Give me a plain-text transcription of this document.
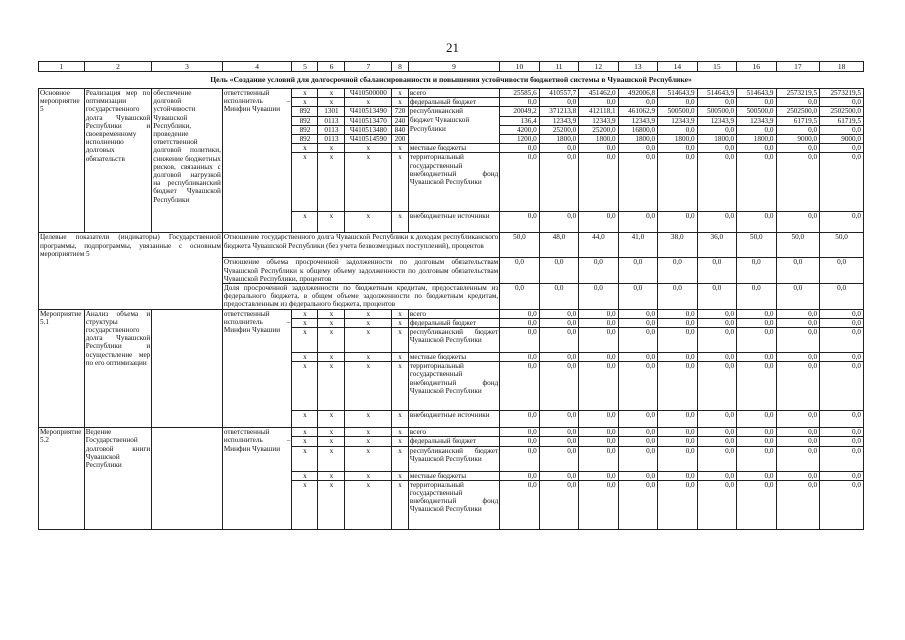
21
1	2	3	4	5	6	7	8	9	10	11	12	13	14	15	16	17	18
Цель «Создание условий для долгосрочной сбалансированности и повышения устойчивости бюджетной системы в Чувашской Республике»																	
Основное мероприятие 5	Реализация мер по оптимизации государственного долга Чувашской Республики и своевременному исполнению долговых обязательств	обеспечение долговой устойчивости Чувашской Республики, проведение ответственной долговой политики, снижение бюджетных рисков, связанных с долговой нагрузкой на республиканский бюджет Чувашской Республики	ответственный исполнитель – Минфин Чувашии	x	x	Ч410500000	x	всего	25585,6	410557,7	451462,0	492006,8	514643,9	514643,9	514643,9	2573219,5	2573219,5
				x	x	x	x	федеральный бюджет	0,0	0,0	0,0	0,0	0,0	0,0	0,0	0,0	0,0
				892	1301	Ч410513490	720	республиканский	20049,2	371213,8	412118,1	461062,9	500500,0	500500,0	500500,0	2502500,0	2502500,0
				892	0113	Ч410513470	240	бюджет Чувашской	136,4	12343,9	12343,9	12343,9	12343,9	12343,9	12343,9	61719,5	61719,5
				892	0113	Ч410513480	840	Республики	4200,0	25200,0	25200,0	16800,0	0,0	0,0	0,0	0,0	0,0
				892	0113	Ч410514590	200		1200,0	1800,0	1800,0	1800,0	1800,0	1800,0	1800,0	9000,0	9000,0
				x	x	x	x	местные бюджеты	0,0	0,0	0,0	0,0	0,0	0,0	0,0	0,0	0,0
				x	x	x	x	территориальный государственный внебюджетный фонд Чувашской Республики	0,0	0,0	0,0	0,0	0,0	0,0	0,0	0,0	0,0
				x	x	x	x	внебюджетные источники	0,0	0,0	0,0	0,0	0,0	0,0	0,0	0,0	0,0
Целевые показатели (индикаторы) Государственной программы, подпрограммы, увязанные с основным мероприятием 5			Отношение государственного долга Чувашской Республики к доходам республиканского бюджета Чувашской Республики (без учета безвозмездных поступлений), процентов						50,0	48,0	44,0	41,0	38,0	36,0	50,0	50,0	50,0
			Отношение объема просроченной задолженности по долговым обязательствам Чувашской Республики к общему объему задолженности по долговым обязательствам Чувашской Республики, процентов						0,0	0,0	0,0	0,0	0,0	0,0	0,0	0,0	0,0
			Доля просроченной задолженности по бюджетным кредитам, предоставленным из федерального бюджета, в общем объеме задолженности по бюджетным кредитам, предоставленным из федерального бюджета, процентов						0,0	0,0	0,0	0,0	0,0	0,0	0,0	0,0	0,0
Мероприятие 5.1	Анализ объема и структуры государственного долга Чувашской Республики и осуществление мер по его оптимизации		ответственный исполнитель – Минфин Чувашии	x	x	x	x	всего	0,0	0,0	0,0	0,0	0,0	0,0	0,0	0,0	0,0
				x	x	x	x	федеральный бюджет	0,0	0,0	0,0	0,0	0,0	0,0	0,0	0,0	0,0
				x	x	x	x	республиканский бюджет Чувашской Республики	0,0	0,0	0,0	0,0	0,0	0,0	0,0	0,0	0,0
				x	x	x	x	местные бюджеты	0,0	0,0	0,0	0,0	0,0	0,0	0,0	0,0	0,0
				x	x	x	x	территориальный государственный внебюджетный фонд Чувашской Республики	0,0	0,0	0,0	0,0	0,0	0,0	0,0	0,0	0,0
				x	x	x	x	внебюджетные источники	0,0	0,0	0,0	0,0	0,0	0,0	0,0	0,0	0,0
Мероприятие 5.2	Ведение Государственной долговой книги Чувашской Республики		ответственный исполнитель – Минфин Чувашии	x	x	x	x	всего	0,0	0,0	0,0	0,0	0,0	0,0	0,0	0,0	0,0
				x	x	x	x	федеральный бюджет	0,0	0,0	0,0	0,0	0,0	0,0	0,0	0,0	0,0
				x	x	x	x	республиканский бюджет Чувашской Республики	0,0	0,0	0,0	0,0	0,0	0,0	0,0	0,0	0,0
				x	x	x	x	местные бюджеты	0,0	0,0	0,0	0,0	0,0	0,0	0,0	0,0	0,0
				x	x	x	x	территориальный государственный внебюджетный фонд Чувашской Республики	0,0	0,0	0,0	0,0	0,0	0,0	0,0	0,0	0,0
